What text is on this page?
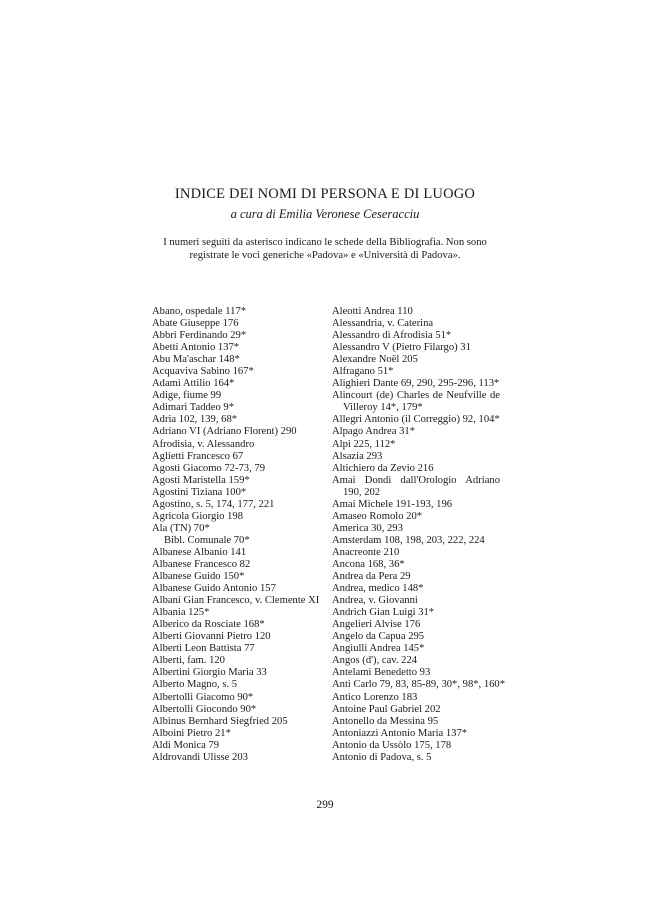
INDICE DEI NOMI DI PERSONA E DI LUOGO
a cura di Emilia Veronese Ceseracciu
I numeri seguiti da asterisco indicano le schede della Bibliografia. Non sono registrate le voci generiche «Padova» e «Università di Padova».
Abano, ospedale 117*
Abate Giuseppe 176
Abbri Ferdinando 29*
Abetti Antonio 137*
Abu Ma'aschar 148*
Acquaviva Sabino 167*
Adami Attilio 164*
Adige, fiume 99
Adimari Taddeo 9*
Adria 102, 139, 68*
Adriano VI (Adriano Florent) 290
Afrodisia, v. Alessandro
Aglietti Francesco 67
Agosti Giacomo 72-73, 79
Agosti Maristella 159*
Agostini Tiziana 100*
Agostino, s. 5, 174, 177, 221
Agricola Giorgio 198
Ala (TN) 70*
Bibl. Comunale 70*
Albanese Albanio 141
Albanese Francesco 82
Albanese Guido 150*
Albanese Guido Antonio 157
Albani Gian Francesco, v. Clemente XI
Albania 125*
Alberico da Rosciate 168*
Alberti Giovanni Pietro 120
Alberti Leon Battista 77
Alberti, fam. 120
Albertini Giorgio Maria 33
Alberto Magno, s. 5
Albertolli Giacomo 90*
Albertolli Giocondo 90*
Albinus Bernhard Siegfried 205
Alboini Pietro 21*
Aldi Monica 79
Aldrovandi Ulisse 203
Aleotti Andrea 110
Alessandria, v. Caterina
Alessandro di Afrodisia 51*
Alessandro V (Pietro Filargo) 31
Alexandre Noël 205
Alfragano 51*
Alighieri Dante 69, 290, 295-296, 113*
Alincourt (de) Charles de Neufville de Villeroy 14*, 179*
Allegri Antonio (il Correggio) 92, 104*
Alpago Andrea 31*
Alpi 225, 112*
Alsazia 293
Altichiero da Zevio 216
Amai Dondi dall'Orologio Adriano 190, 202
Amai Michele 191-193, 196
Amaseo Romolo 20*
America 30, 293
Amsterdam 108, 198, 203, 222, 224
Anacreonte 210
Ancona 168, 36*
Andrea da Pera 29
Andrea, medico 148*
Andrea, v. Giovanni
Andrich Gian Luigi 31*
Angelieri Alvise 176
Angelo da Capua 295
Angiulli Andrea 145*
Angos (d'), cav. 224
Antelami Benedetto 93
Anti Carlo 79, 83, 85-89, 30*, 98*, 160*
Antico Lorenzo 183
Antoine Paul Gabriel 202
Antonello da Messina 95
Antoniazzi Antonio Maria 137*
Antonio da Ussòlo 175, 178
Antonio di Padova, s. 5
299
